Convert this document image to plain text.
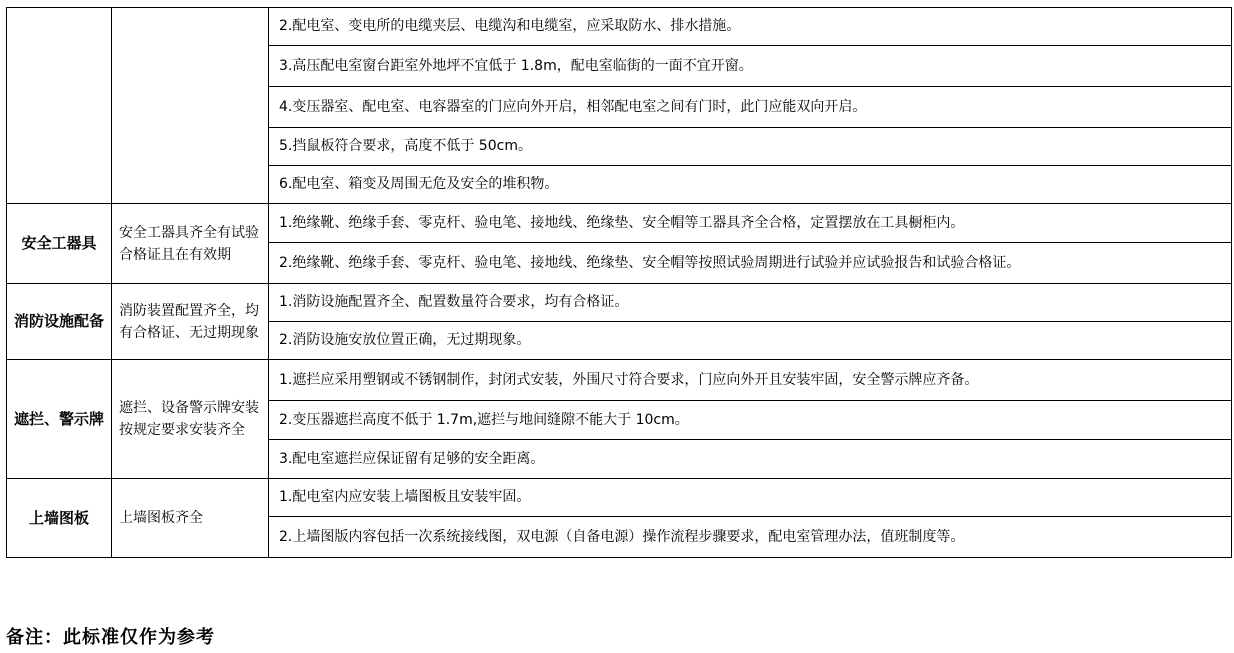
		2.配电室、变电所的电缆夹层、电缆沟和电缆室，应采取防水、排水措施。
		3.高压配电室窗台距室外地坪不宜低于 1.8m，配电室临街的一面不宜开窗。
		4.变压器室、配电室、电容器室的门应向外开启，相邻配电室之间有门时，此门应能双向开启。
		5.挡鼠板符合要求，高度不低于 50cm。
		6.配电室、箱变及周围无危及安全的堆积物。
安全工器具	安全工器具齐全有试验合格证且在有效期	1.绝缘靴、绝缘手套、零克杆、验电笔、接地线、绝缘垫、安全帽等工器具齐全合格，定置摆放在工具橱柜内。
		2.绝缘靴、绝缘手套、零克杆、验电笔、接地线、绝缘垫、安全帽等按照试验周期进行试验并应试验报告和试验合格证。
消防设施配备	消防装置配置齐全，均有合格证、无过期现象	1.消防设施配置齐全、配置数量符合要求，均有合格证。
		2.消防设施安放位置正确，无过期现象。
遮拦、警示牌	遮拦、设备警示牌安装按规定要求安装齐全	1.遮拦应采用塑钢或不锈钢制作，封闭式安装，外围尺寸符合要求，门应向外开且安装牢固，安全警示牌应齐备。
		2.变压器遮拦高度不低于 1.7m,遮拦与地间缝隙不能大于 10cm。
		3.配电室遮拦应保证留有足够的安全距离。
上墙图板	上墙图板齐全	1.配电室内应安装上墙图板且安装牢固。
		2.上墙图版内容包括一次系统接线图，双电源（自备电源）操作流程步骤要求，配电室管理办法，值班制度等。
备注：此标准仅作为参考
